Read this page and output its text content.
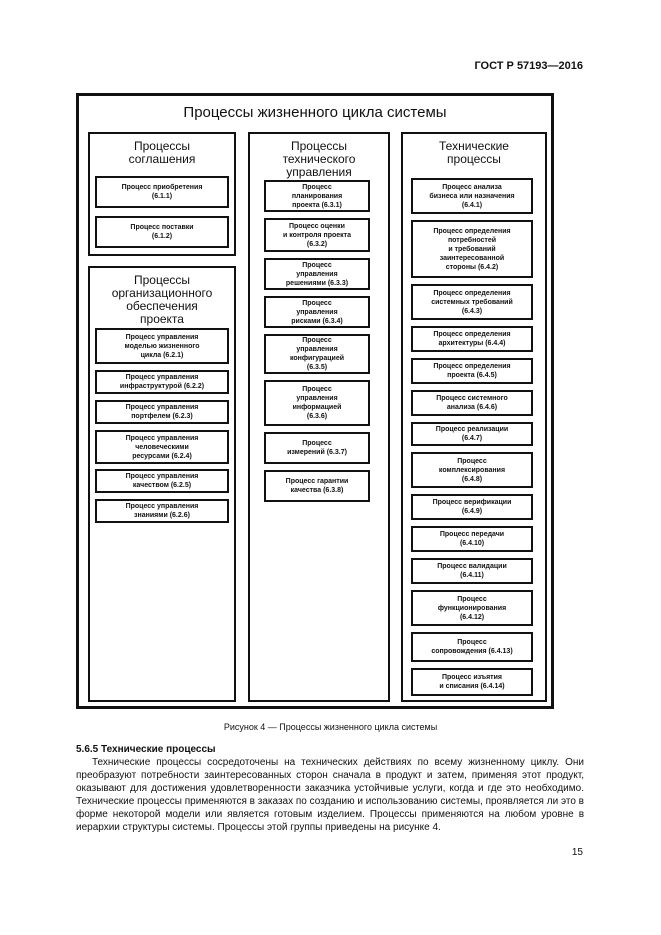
ГОСТ Р 57193—2016
Процессы жизненного цикла системы
Процессы
соглашения
Процесс приобретения
(6.1.1)
Процесс поставки
(6.1.2)
Процессы
организационного
обеспечения
проекта
Процесс управления
моделью жизненного
цикла (6.2.1)
Процесс управления
инфраструктурой (6.2.2)
Процесс управления
портфелем (6.2.3)
Процесс управления
человеческими
ресурсами (6.2.4)
Процесс управления
качеством (6.2.5)
Процесс управления
знаниями (6.2.6)
Процессы
технического
управления
Процесс
планирования
проекта (6.3.1)
Процесс оценки
и контроля проекта
(6.3.2)
Процесс
управления
решениями (6.3.3)
Процесс
управления
рисками (6.3.4)
Процесс
управления
конфигурацией
(6.3.5)
Процесс
управления
информацией
(6.3.6)
Процесс
измерений (6.3.7)
Процесс гарантии
качества (6.3.8)
Технические
процессы
Процесс анализа
бизнеса или назначения
(6.4.1)
Процесс определения
потребностей
и требований
заинтересованной
стороны (6.4.2)
Процесс определения
системных требований
(6.4.3)
Процесс определения
архитектуры (6.4.4)
Процесс определения
проекта (6.4.5)
Процесс системного
анализа (6.4.6)
Процесс реализации
(6.4.7)
Процесс
комплексирования
(6.4.8)
Процесс верификации
(6.4.9)
Процесс передачи
(6.4.10)
Процесс валидации
(6.4.11)
Процесс
функционирования
(6.4.12)
Процесс
сопровождения (6.4.13)
Процесс изъятия
и списания (6.4.14)
Рисунок 4 — Процессы жизненного цикла системы
5.6.5 Технические процессы

Технические процессы сосредоточены на технических действиях по всему жизненному циклу. Они преобразуют потребности заинтересованных сторон сначала в продукт и затем, применяя этот продукт, оказывают для достижения удовлетворенности заказчика устойчивые услуги, когда и где это необходимо. Технические процессы применяются в заказах по созданию и использованию системы, проявляется ли это в форме некоторой модели или является готовым изделием. Процессы применяются на любом уровне в иерархии структуры системы. Процессы этой группы приведены на рисунке 4.

15
